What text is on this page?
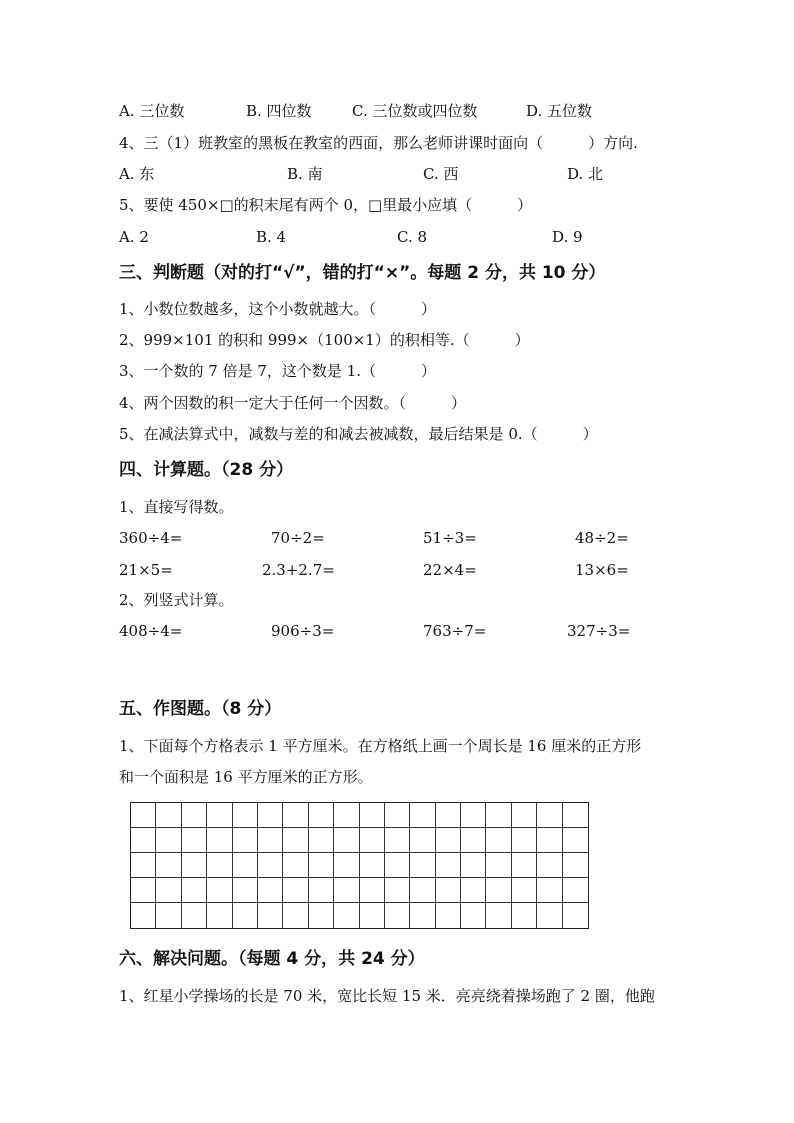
A. 三位数	B. 四位数	C. 三位数或四位数	D. 五位数
4、三（1）班教室的黑板在教室的西面，那么老师讲课时面向（　　　）方向.
A. 东	B. 南	C. 西	D. 北
5、要使 450×□的积末尾有两个 0，□里最小应填（　　　）
A. 2	B. 4	C. 8	D. 9
三、判断题（对的打“√”，错的打“×”。每题 2 分，共 10 分）
1、小数位数越多，这个小数就越大。（　　　）
2、999×101 的积和 999×（100×1）的积相等.（　　　）
3、一个数的 7 倍是 7，这个数是 1.（　　　）
4、两个因数的积一定大于任何一个因数。（　　　）
5、在减法算式中，减数与差的和减去被减数，最后结果是 0.（　　　）
四、计算题。（28 分）
1、直接写得数。
360÷4=	70÷2=	51÷3=	48÷2=
21×5=	2.3+2.7=	22×4=	13×6=
2、列竖式计算。
408÷4=	906÷3=	763÷7=	327÷3=
五、作图题。（8 分）
1、下面每个方格表示 1 平方厘米。在方格纸上画一个周长是 16 厘米的正方形
和一个面积是 16 平方厘米的正方形。
六、解决问题。（每题 4 分，共 24 分）
1、红星小学操场的长是 70 米，宽比长短 15 米．亮亮绕着操场跑了 2 圈，他跑
